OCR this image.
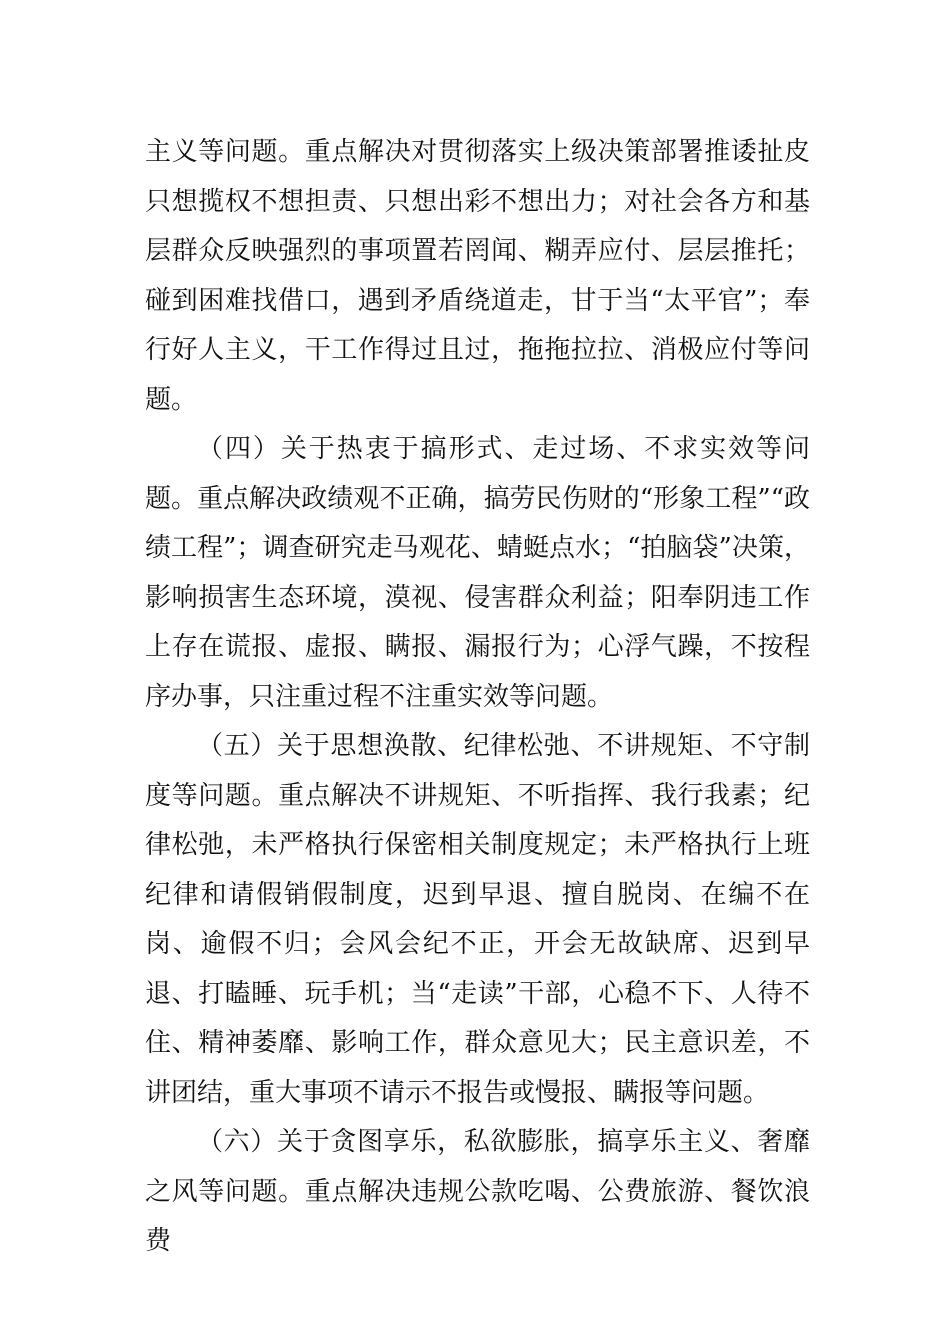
主义等问题。重点解决对贯彻落实上级决策部署推诿扯皮只想揽权不想担责、只想出彩不想出力；对社会各方和基层群众反映强烈的事项置若罔闻、糊弄应付、层层推托；碰到困难找借口，遇到矛盾绕道走，甘于当“太平官”；奉行好人主义，干工作得过且过，拖拖拉拉、消极应付等问题。

（四）关于热衷于搞形式、走过场、不求实效等问题。重点解决政绩观不正确，搞劳民伤财的“形象工程”“政绩工程”；调查研究走马观花、蜻蜓点水；“拍脑袋”决策，影响损害生态环境，漠视、侵害群众利益；阳奉阴违工作上存在谎报、虚报、瞒报、漏报行为；心浮气躁，不按程序办事，只注重过程不注重实效等问题。

（五）关于思想涣散、纪律松弛、不讲规矩、不守制度等问题。重点解决不讲规矩、不听指挥、我行我素；纪律松弛，未严格执行保密相关制度规定；未严格执行上班纪律和请假销假制度，迟到早退、擅自脱岗、在编不在岗、逾假不归；会风会纪不正，开会无故缺席、迟到早退、打瞌睡、玩手机；当“走读”干部，心稳不下、人待不住、精神萎靡、影响工作，群众意见大；民主意识差，不讲团结，重大事项不请示不报告或慢报、瞒报等问题。

（六）关于贪图享乐，私欲膨胀，搞享乐主义、奢靡之风等问题。重点解决违规公款吃喝、公费旅游、餐饮浪费
